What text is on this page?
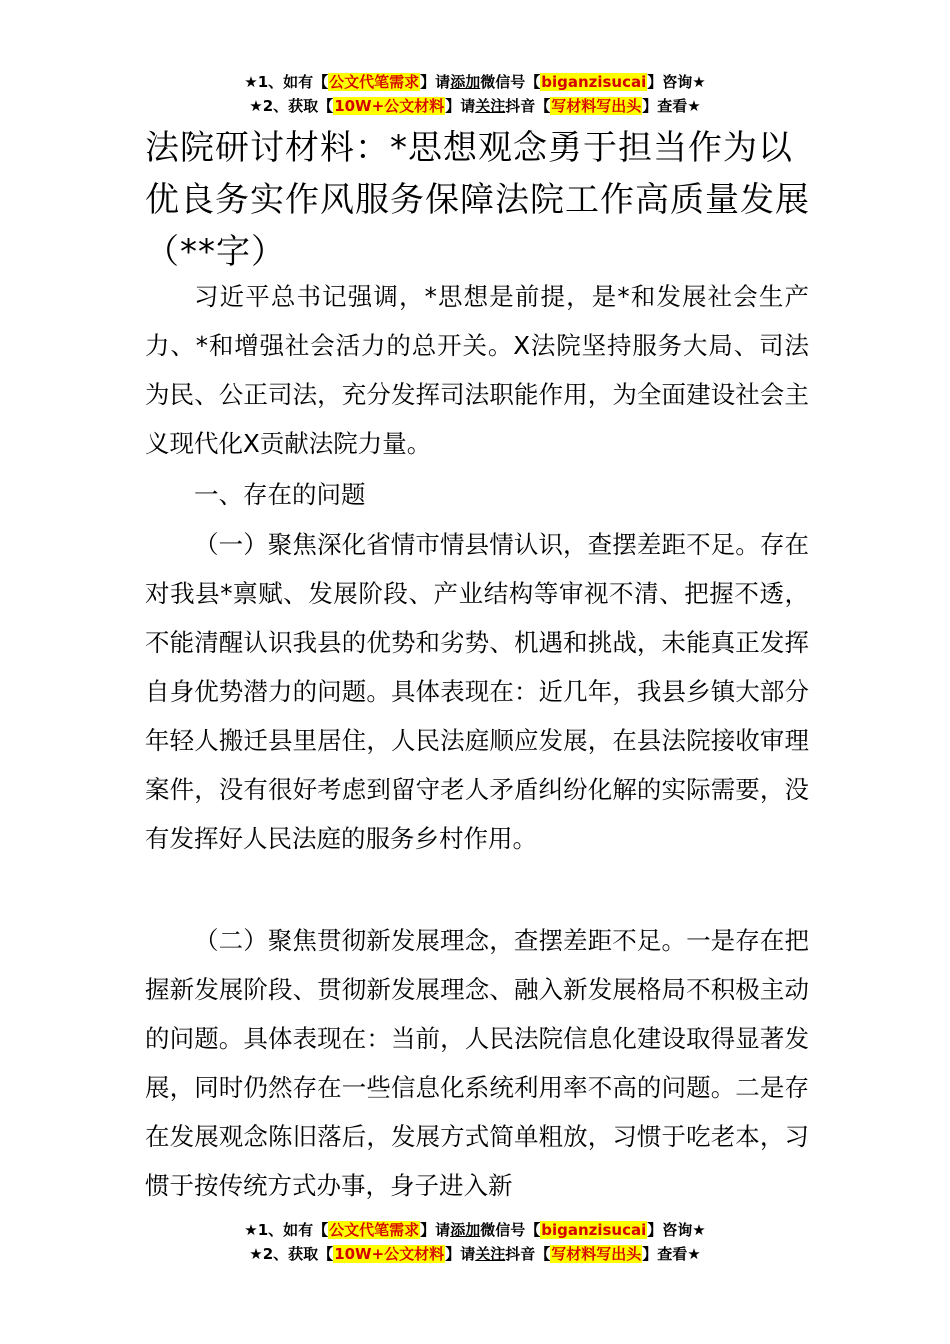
★1、如有【公文代笔需求】请添加微信号【biganzisucai】咨询★
★2、获取【10W+公文材料】请关注抖音【写材料写出头】查看★
法院研讨材料：*思想观念勇于担当作为以优良务实作风服务保障法院工作高质量发展（**字）

习近平总书记强调，*思想是前提，是*和发展社会生产力、*和增强社会活力的总开关。X法院坚持服务大局、司法为民、公正司法，充分发挥司法职能作用，为全面建设社会主义现代化X贡献法院力量。

一、存在的问题

（一）聚焦深化省情市情县情认识，查摆差距不足。存在对我县*禀赋、发展阶段、产业结构等审视不清、把握不透，不能清醒认识我县的优势和劣势、机遇和挑战，未能真正发挥自身优势潜力的问题。具体表现在：近几年，我县乡镇大部分年轻人搬迁县里居住，人民法庭顺应发展，在县法院接收审理案件，没有很好考虑到留守老人矛盾纠纷化解的实际需要，没有发挥好人民法庭的服务乡村作用。

（二）聚焦贯彻新发展理念，查摆差距不足。一是存在把握新发展阶段、贯彻新发展理念、融入新发展格局不积极主动的问题。具体表现在：当前，人民法院信息化建设取得显著发展，同时仍然存在一些信息化系统利用率不高的问题。二是存在发展观念陈旧落后，发展方式简单粗放，习惯于吃老本，习惯于按传统方式办事，身子进入新

★1、如有【公文代笔需求】请添加微信号【biganzisucai】咨询★
★2、获取【10W+公文材料】请关注抖音【写材料写出头】查看★
